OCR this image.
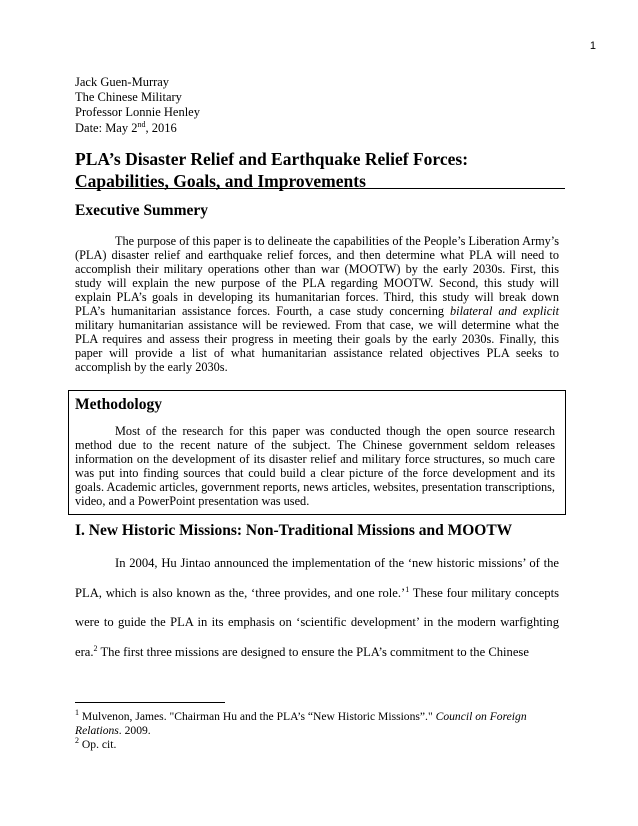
1
Jack Guen-Murray
The Chinese Military
Professor Lonnie Henley
Date: May 2nd, 2016
PLA’s Disaster Relief and Earthquake Relief Forces: Capabilities, Goals, and Improvements
Executive Summery

The purpose of this paper is to delineate the capabilities of the People’s Liberation Army’s (PLA) disaster relief and earthquake relief forces, and then determine what PLA will need to accomplish their military operations other than war (MOOTW) by the early 2030s. First, this study will explain the new purpose of the PLA regarding MOOTW. Second, this study will explain PLA’s goals in developing its humanitarian forces. Third, this study will break down PLA’s humanitarian assistance forces. Fourth, a case study concerning bilateral and explicit military humanitarian assistance will be reviewed. From that case, we will determine what the PLA requires and assess their progress in meeting their goals by the early 2030s. Finally, this paper will provide a list of what humanitarian assistance related objectives PLA seeks to accomplish by the early 2030s.

Methodology

Most of the research for this paper was conducted though the open source research method due to the recent nature of the subject. The Chinese government seldom releases information on the development of its disaster relief and military force structures, so much care was put into finding sources that could build a clear picture of the force development and its goals. Academic articles, government reports, news articles, websites, presentation transcriptions, video, and a PowerPoint presentation was used.

I. New Historic Missions: Non-Traditional Missions and MOOTW

In 2004, Hu Jintao announced the implementation of the ‘new historic missions’ of the PLA, which is also known as the, ‘three provides, and one role.’$^1$ These four military concepts were to guide the PLA in its emphasis on ‘scientific development’ in the modern warfighting era.$^2$ The first three missions are designed to ensure the PLA’s commitment to the Chinese

$^1$ Mulvenon, James. "Chairman Hu and the PLA’s “New Historic Missions”." Council on Foreign Relations. 2009.
$^2$ Op. cit.
